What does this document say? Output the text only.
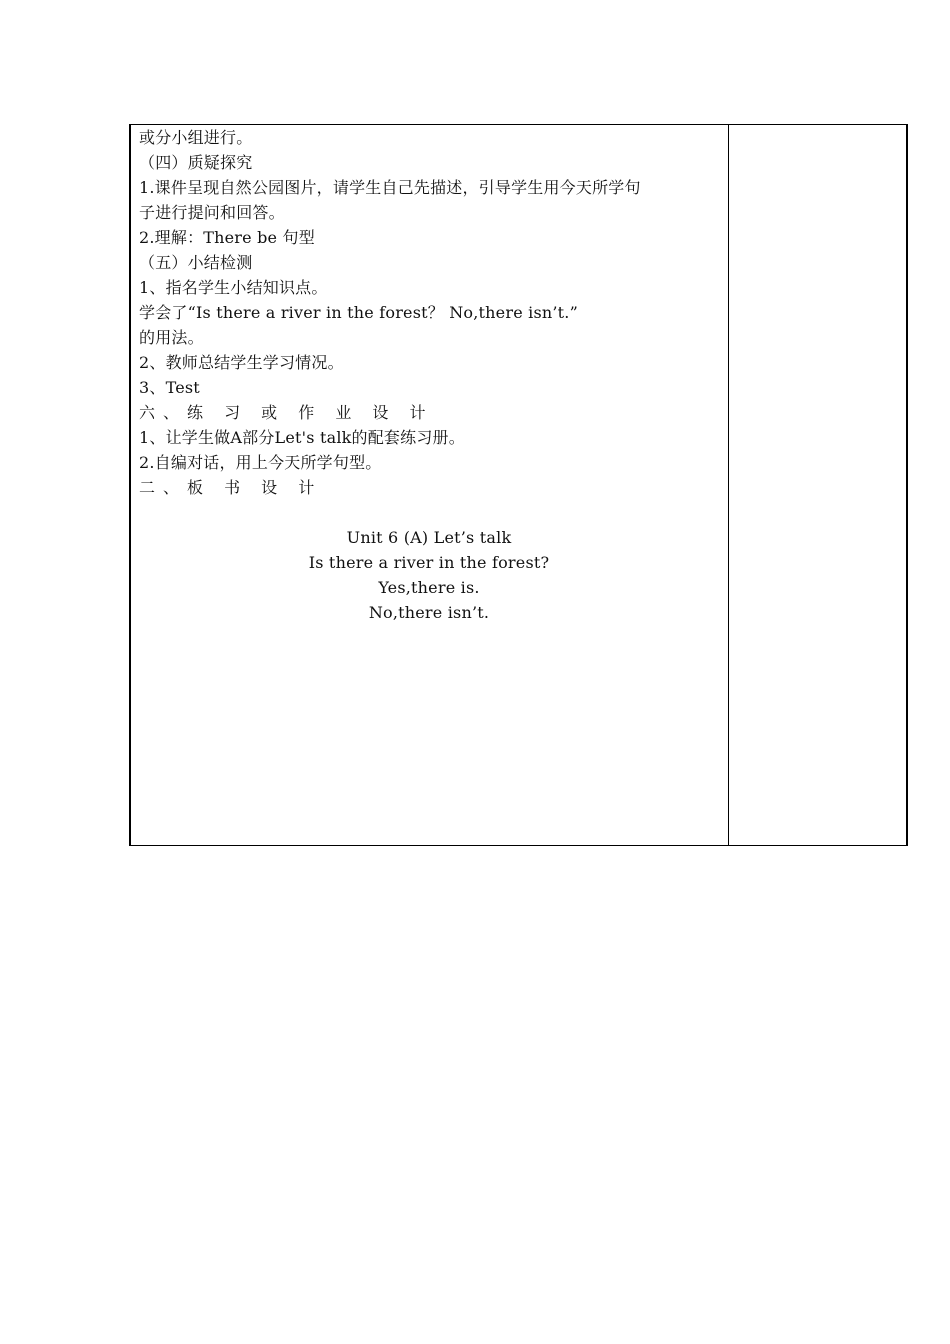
或分小组进行。
（四）质疑探究
1.课件呈现自然公园图片，请学生自己先描述，引导学生用今天所学句
子进行提问和回答。
2.理解：There be 句型
（五）小结检测
1、指名学生小结知识点。
学会了“Is there a river in the forest？ No,there isn’t.”
的用法。
2、教师总结学生学习情况。
3、Test
六、练 习 或 作 业 设 计
1、让学生做A部分Let's talk的配套练习册。
2.自编对话，用上今天所学句型。
二、板 书 设 计
Unit 6 (A) Let’s talk
Is there a river in the forest?
Yes,there is.
No,there isn’t.
